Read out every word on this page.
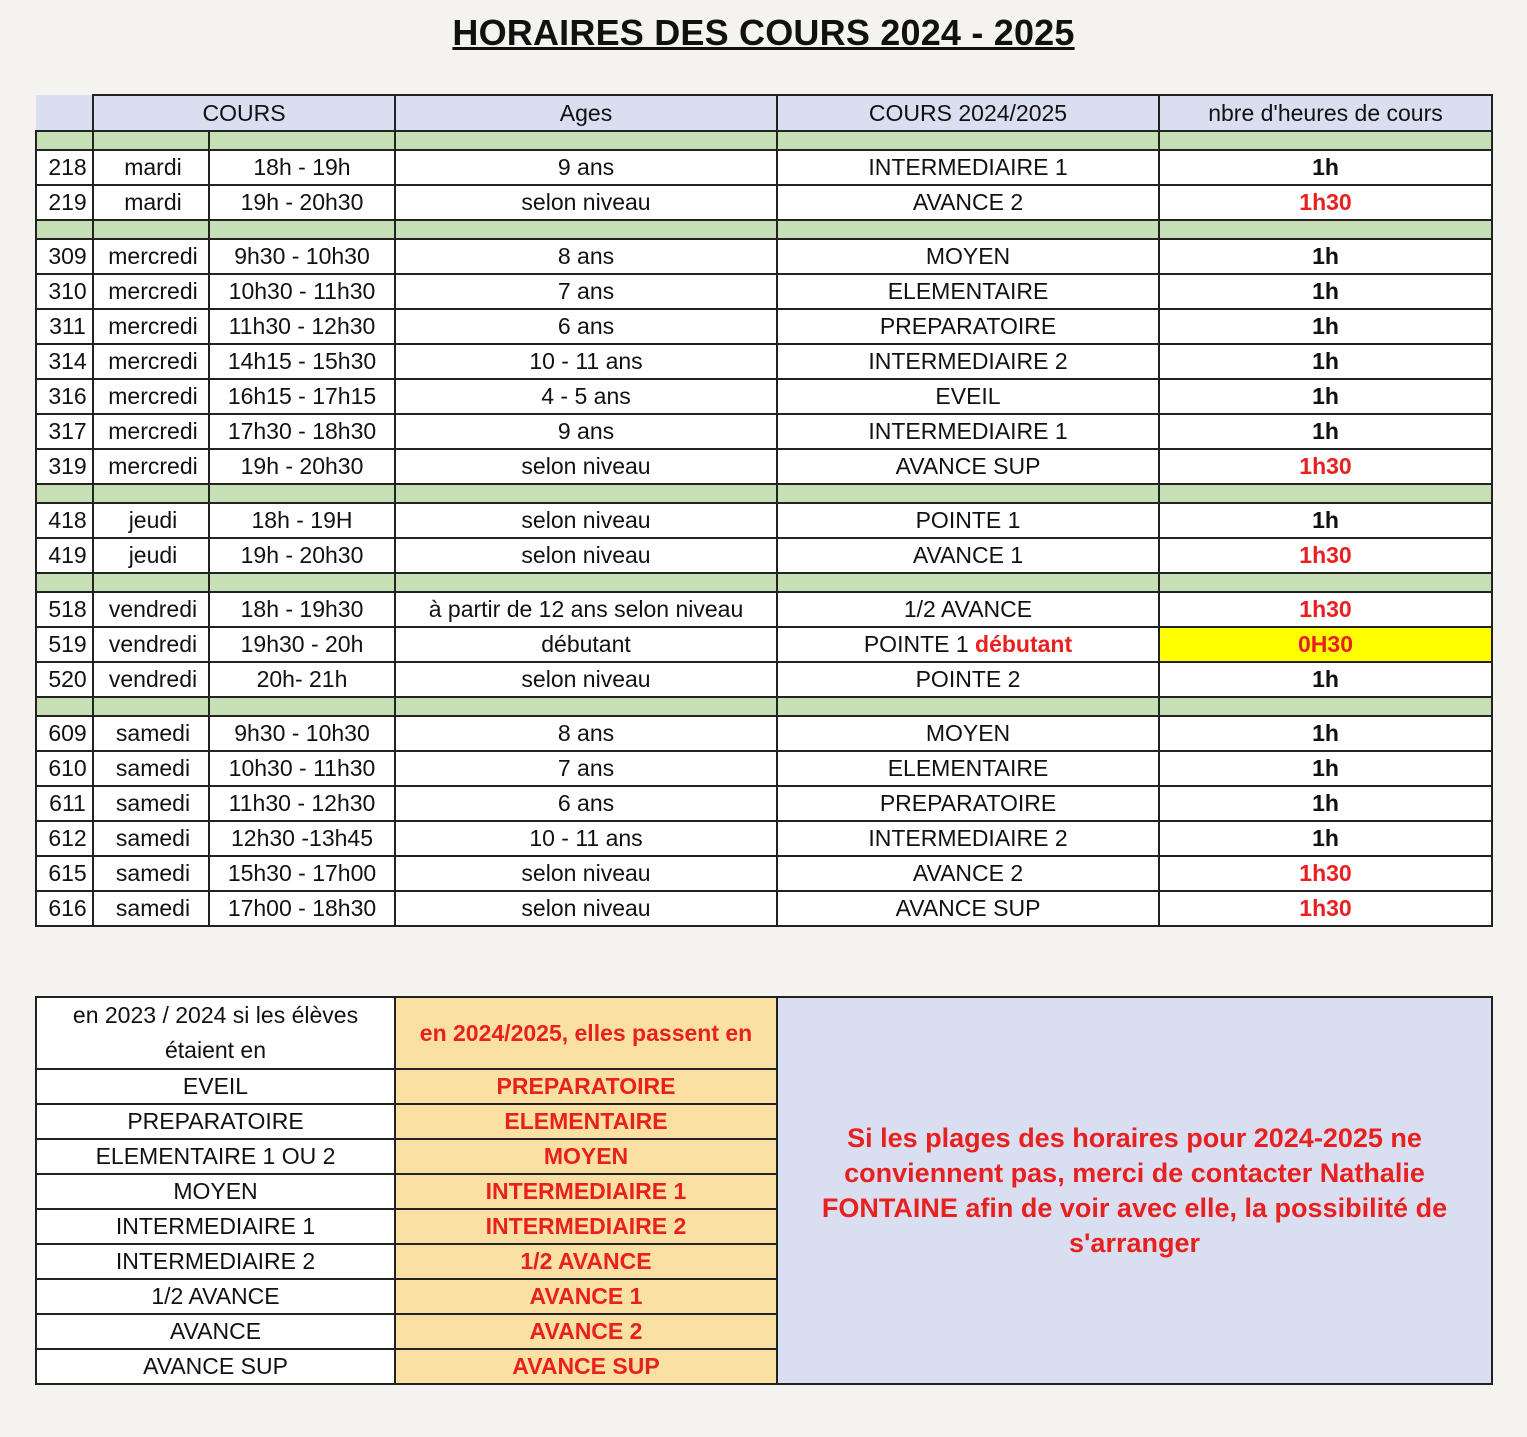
HORAIRES DES COURS 2024 - 2025
	COURS		Ages	COURS 2024/2025	nbre d'heures de cours

218	mardi	18h - 19h	9 ans	INTERMEDIAIRE 1	1h
219	mardi	19h - 20h30	selon niveau	AVANCE 2	1h30

309	mercredi	9h30 - 10h30	8 ans	MOYEN	1h
310	mercredi	10h30 - 11h30	7 ans	ELEMENTAIRE	1h
311	mercredi	11h30 - 12h30	6 ans	PREPARATOIRE	1h
314	mercredi	14h15 - 15h30	10 - 11 ans	INTERMEDIAIRE 2	1h
316	mercredi	16h15 - 17h15	4 - 5 ans	EVEIL	1h
317	mercredi	17h30 - 18h30	9 ans	INTERMEDIAIRE 1	1h
319	mercredi	19h - 20h30	selon niveau	AVANCE SUP	1h30

418	jeudi	18h - 19H	selon niveau	POINTE 1	1h
419	jeudi	19h - 20h30	selon niveau	AVANCE 1	1h30

518	vendredi	18h - 19h30	à partir de 12 ans selon niveau	1/2 AVANCE	1h30
519	vendredi	19h30 - 20h	débutant	POINTE 1 débutant	0H30
520	vendredi	20h- 21h	selon niveau	POINTE 2	1h

609	samedi	9h30 - 10h30	8 ans	MOYEN	1h
610	samedi	10h30 - 11h30	7 ans	ELEMENTAIRE	1h
611	samedi	11h30 - 12h30	6 ans	PREPARATOIRE	1h
612	samedi	12h30 -13h45	10 - 11 ans	INTERMEDIAIRE 2	1h
615	samedi	15h30 - 17h00	selon niveau	AVANCE 2	1h30
616	samedi	17h00 - 18h30	selon niveau	AVANCE SUP	1h30
en 2023 / 2024 si les élèves étaient en	en 2024/2025, elles passent en	Si les plages des horaires pour 2024-2025 ne conviennent pas, merci de contacter Nathalie FONTAINE afin de voir avec elle, la possibilité de s'arranger
EVEIL	PREPARATOIRE	
PREPARATOIRE	ELEMENTAIRE	
ELEMENTAIRE 1 OU 2	MOYEN	
MOYEN	INTERMEDIAIRE 1	
INTERMEDIAIRE 1	INTERMEDIAIRE 2	
INTERMEDIAIRE 2	1/2 AVANCE	
1/2 AVANCE	AVANCE 1	
AVANCE	AVANCE 2	
AVANCE SUP	AVANCE SUP	
